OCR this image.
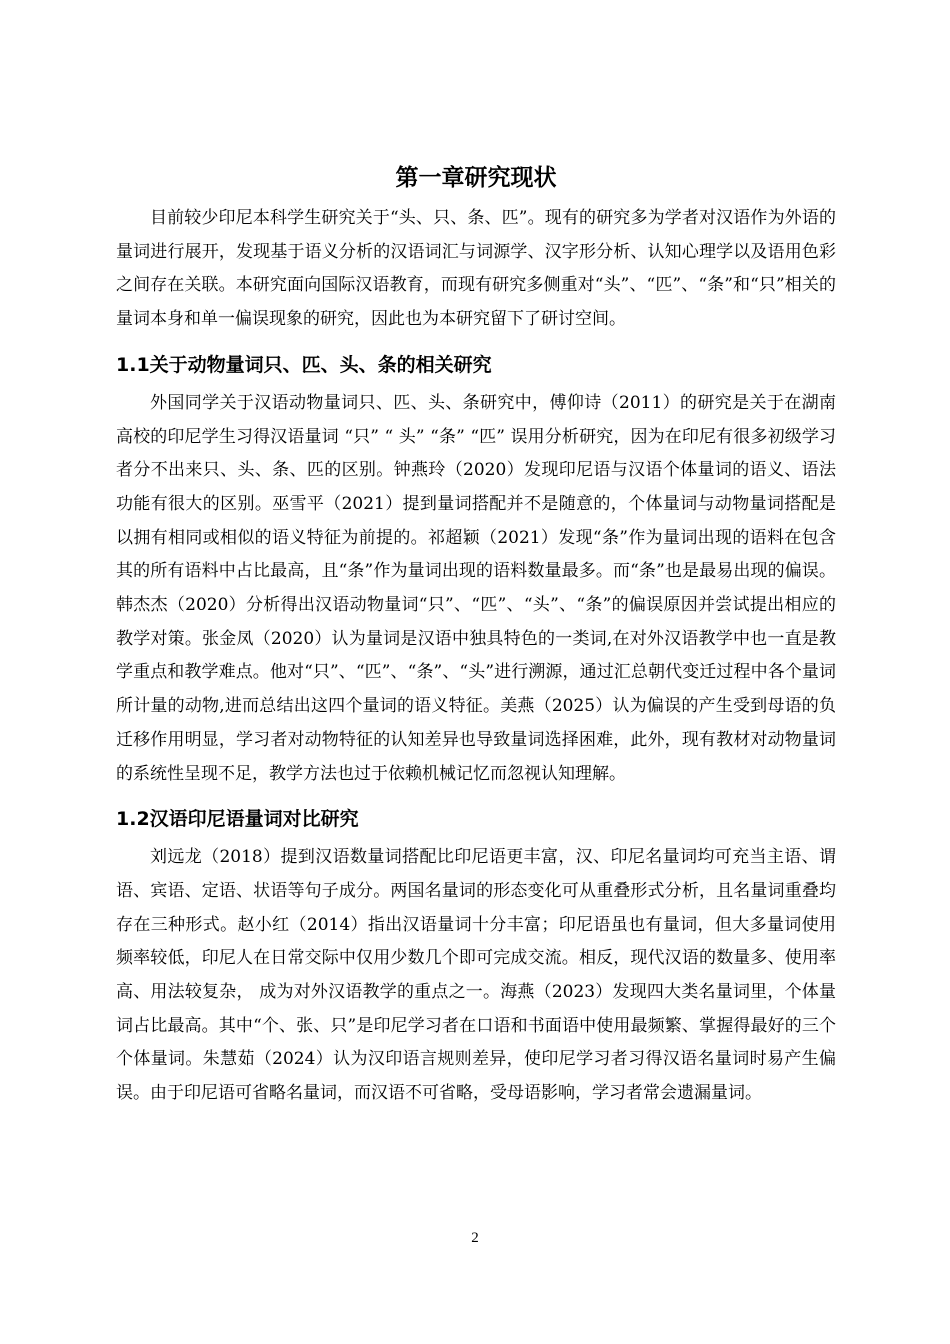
第一章研究现状

目前较少印尼本科学生研究关于“头、只、条、匹”。现有的研究多为学者对汉语作为外语的量词进行展开，发现基于语义分析的汉语词汇与词源学、汉字形分析、认知心理学以及语用色彩之间存在关联。本研究面向国际汉语教育，而现有研究多侧重对“头”、“匹”、“条”和“只”相关的量词本身和单一偏误现象的研究，因此也为本研究留下了研讨空间。

1.1关于动物量词只、匹、头、条的相关研究

外国同学关于汉语动物量词只、匹、头、条研究中，傅仰诗（2011）的研究是关于在湖南高校的印尼学生习得汉语量词 “只” “ 头” “条” “匹” 误用分析研究，因为在印尼有很多初级学习者分不出来只、头、条、匹的区别。钟燕玲（2020）发现印尼语与汉语个体量词的语义、语法功能有很大的区别。巫雪平（2021）提到量词搭配并不是随意的，个体量词与动物量词搭配是以拥有相同或相似的语义特征为前提的。祁超颖（2021）发现“条”作为量词出现的语料在包含其的所有语料中占比最高，且“条”作为量词出现的语料数量最多。而“条”也是最易出现的偏误。韩杰杰（2020）分析得出汉语动物量词“只”、“匹”、“头”、“条”的偏误原因并尝试提出相应的教学对策。张金凤（2020）认为量词是汉语中独具特色的一类词,在对外汉语教学中也一直是教学重点和教学难点。他对“只”、“匹”、“条”、“头”进行溯源，通过汇总朝代变迁过程中各个量词所计量的动物,进而总结出这四个量词的语义特征。美燕（2025）认为偏误的产生受到母语的负迁移作用明显，学习者对动物特征的认知差异也导致量词选择困难，此外，现有教材对动物量词的系统性呈现不足，教学方法也过于依赖机械记忆而忽视认知理解。

1.2汉语印尼语量词对比研究

刘远龙（2018）提到汉语数量词搭配比印尼语更丰富，汉、印尼名量词均可充当主语、谓语、宾语、定语、状语等句子成分。两国名量词的形态变化可从重叠形式分析，且名量词重叠均存在三种形式。赵小红（2014）指出汉语量词十分丰富；印尼语虽也有量词，但大多量词使用频率较低，印尼人在日常交际中仅用少数几个即可完成交流。相反，现代汉语的数量多、使用率高、用法较复杂， 成为对外汉语教学的重点之一。海燕（2023）发现四大类名量词里，个体量词占比最高。其中“个、张、只”是印尼学习者在口语和书面语中使用最频繁、掌握得最好的三个个体量词。朱慧茹（2024）认为汉印语言规则差异，使印尼学习者习得汉语名量词时易产生偏误。由于印尼语可省略名量词，而汉语不可省略，受母语影响，学习者常会遗漏量词。

2
